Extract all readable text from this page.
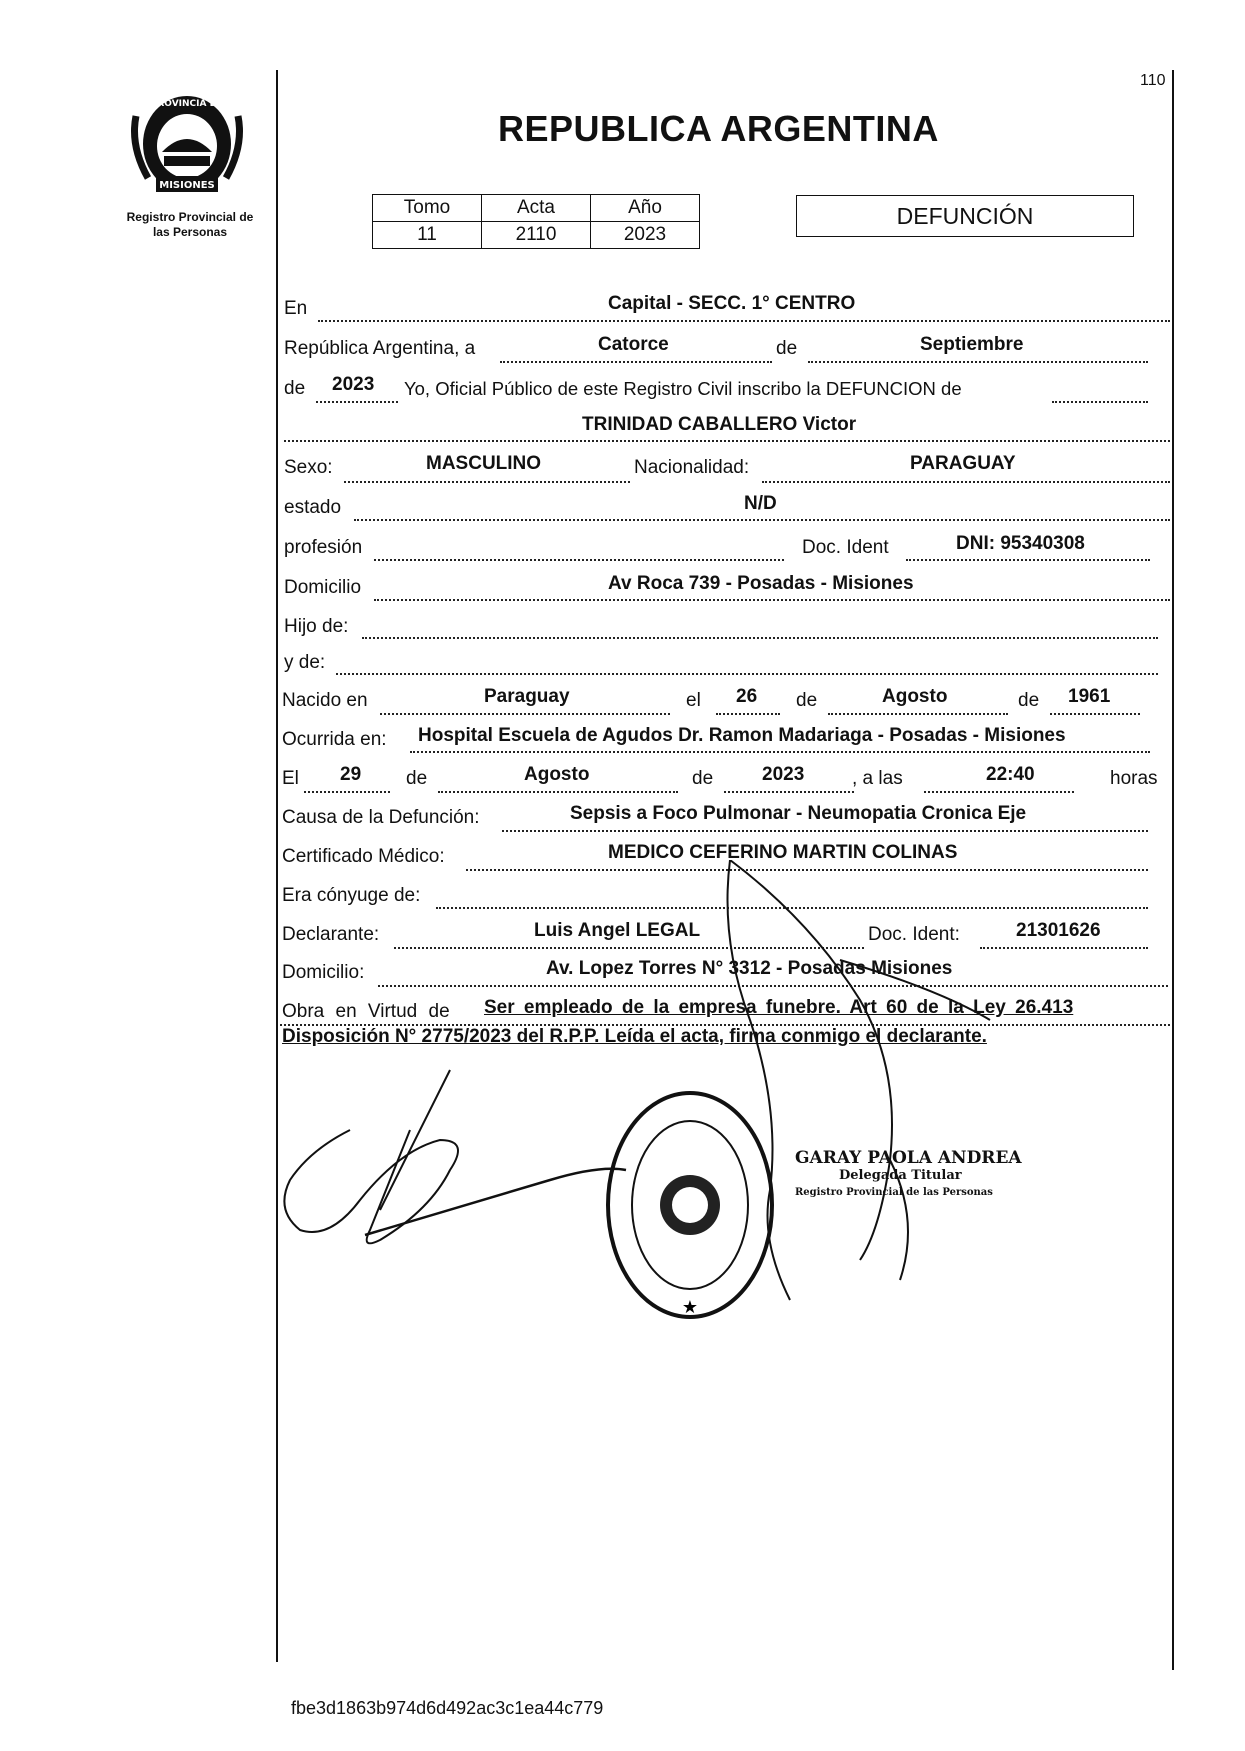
MISIONES
PROVINCIA DE
Registro Provincial de
las Personas
110
REPUBLICA ARGENTINA
Tomo	Acta	Año
11	2110	2023
DEFUNCIÓN
En	Capital - SECC. 1° CENTRO
República Argentina, a	Catorce	de	Septiembre
de 2023 Yo, Oficial Público de este Registro Civil inscribo la DEFUNCION de
TRINIDAD CABALLERO Victor
Sexo:	MASCULINO	Nacionalidad:	PARAGUAY
estado	N/D
profesión	Doc. Ident	DNI: 95340308
Domicilio	Av Roca 739 - Posadas - Misiones
Hijo de:
y de:
Nacido en	Paraguay	el 26 de	Agosto	de 1961
Ocurrida en: Hospital Escuela de Agudos Dr. Ramon Madariaga - Posadas - Misiones
El 29 de	Agosto	de	2023	, a las	22:40	horas
Causa de la Defunción:	Sepsis a Foco Pulmonar - Neumopatia Cronica Eje
Certificado Médico:	MEDICO CEFERINO MARTIN COLINAS
Era cónyuge de:
Declarante:	Luis Angel LEGAL	Doc. Ident:	21301626
Domicilio:	Av. Lopez Torres N° 3312 - Posadas Misiones
Obra en Virtud de Ser empleado de la empresa funebre. Art 60 de la Ley 26.413
Disposición N° 2775/2023 del R.P.P. Leída el acta, firma conmigo el declarante.
★
GARAY PAOLA ANDREA
Delegada Titular
Registro Provincial de las Personas
fbe3d1863b974d6d492ac3c1ea44c779
